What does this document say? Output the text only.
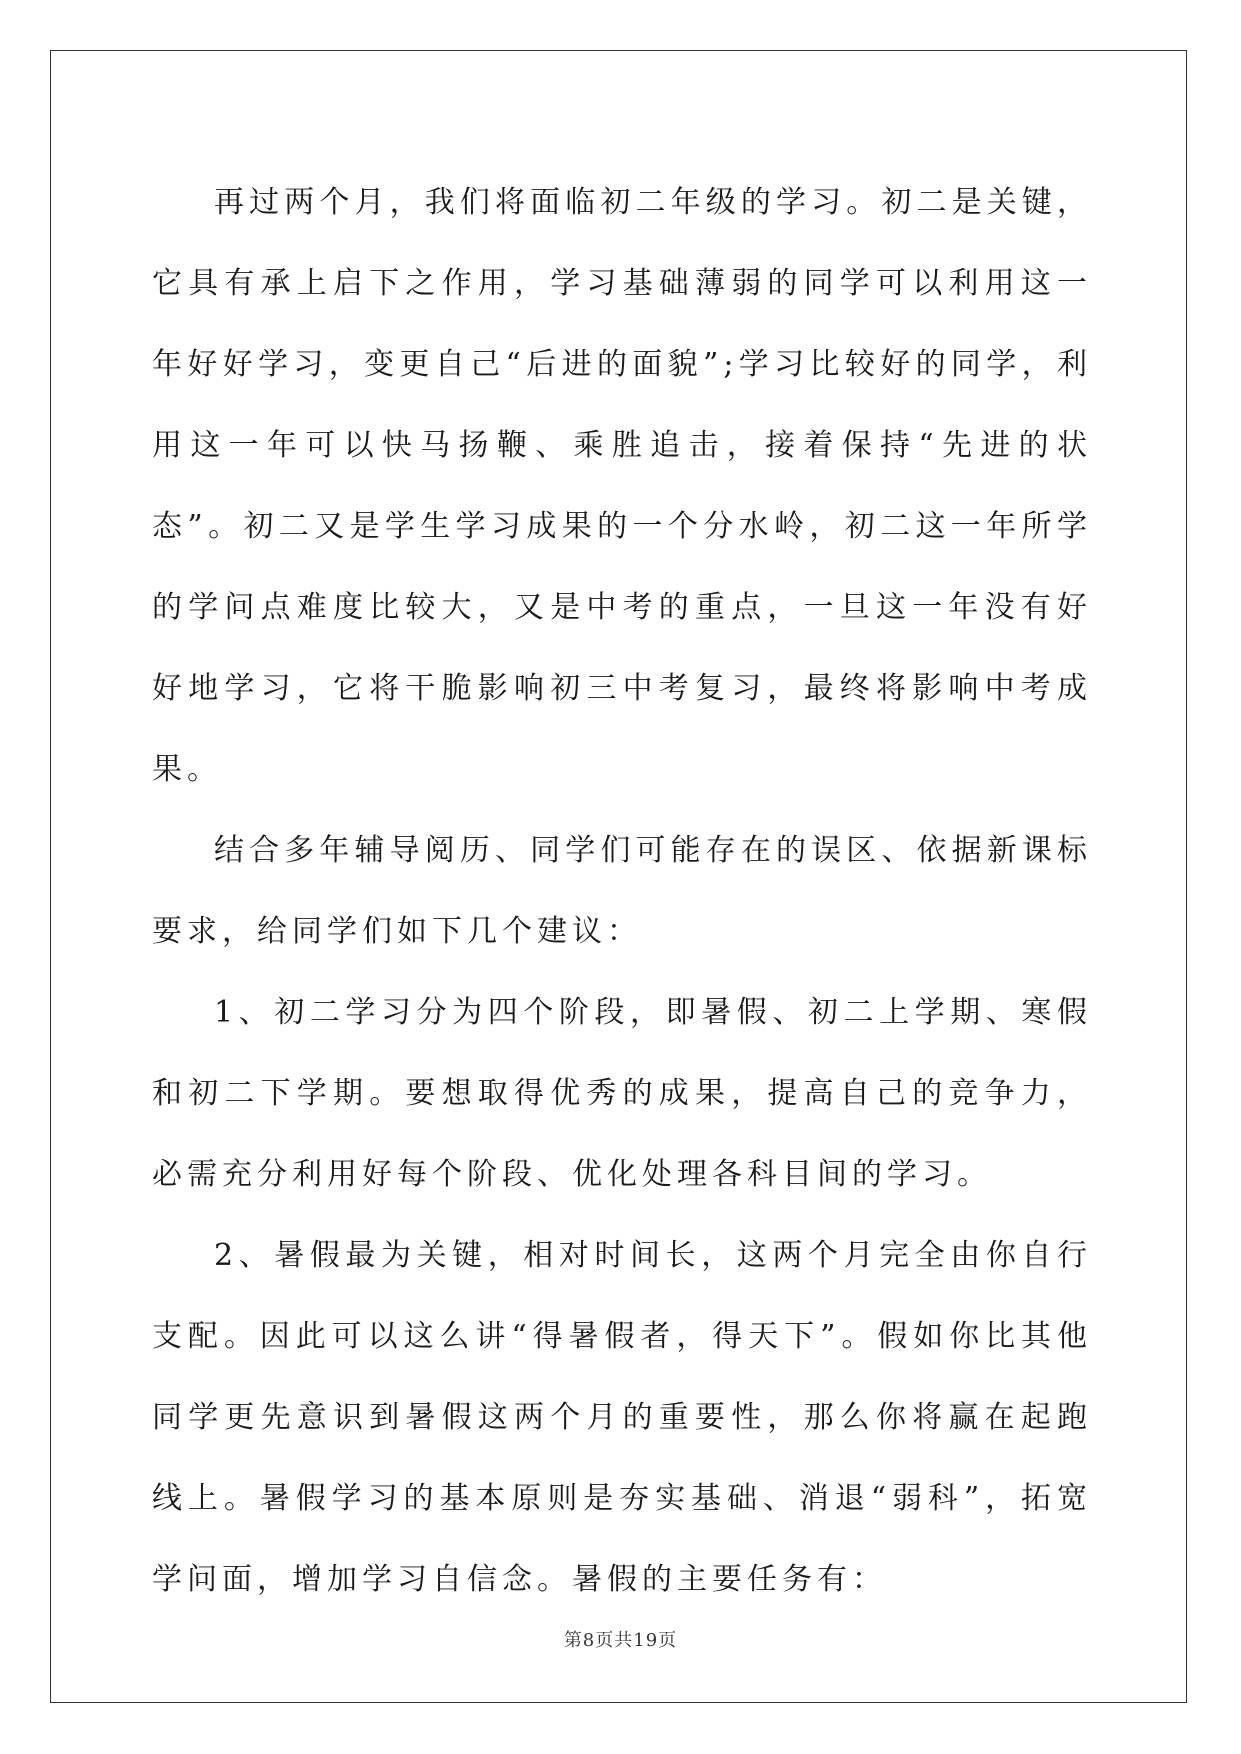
再过两个月，我们将面临初二年级的学习。初二是关键，它具有承上启下之作用，学习基础薄弱的同学可以利用这一年好好学习，变更自己“后进的面貌”;学习比较好的同学，利用这一年可以快马扬鞭、乘胜追击，接着保持“先进的状态”。初二又是学生学习成果的一个分水岭，初二这一年所学的学问点难度比较大，又是中考的重点，一旦这一年没有好好地学习，它将干脆影响初三中考复习，最终将影响中考成果。

结合多年辅导阅历、同学们可能存在的误区、依据新课标要求，给同学们如下几个建议：

1、初二学习分为四个阶段，即暑假、初二上学期、寒假和初二下学期。要想取得优秀的成果，提高自己的竞争力，必需充分利用好每个阶段、优化处理各科目间的学习。

2、暑假最为关键，相对时间长，这两个月完全由你自行支配。因此可以这么讲“得暑假者，得天下”。假如你比其他同学更先意识到暑假这两个月的重要性，那么你将赢在起跑线上。暑假学习的基本原则是夯实基础、消退“弱科”，拓宽学问面，增加学习自信念。暑假的主要任务有：

第8页共19页
